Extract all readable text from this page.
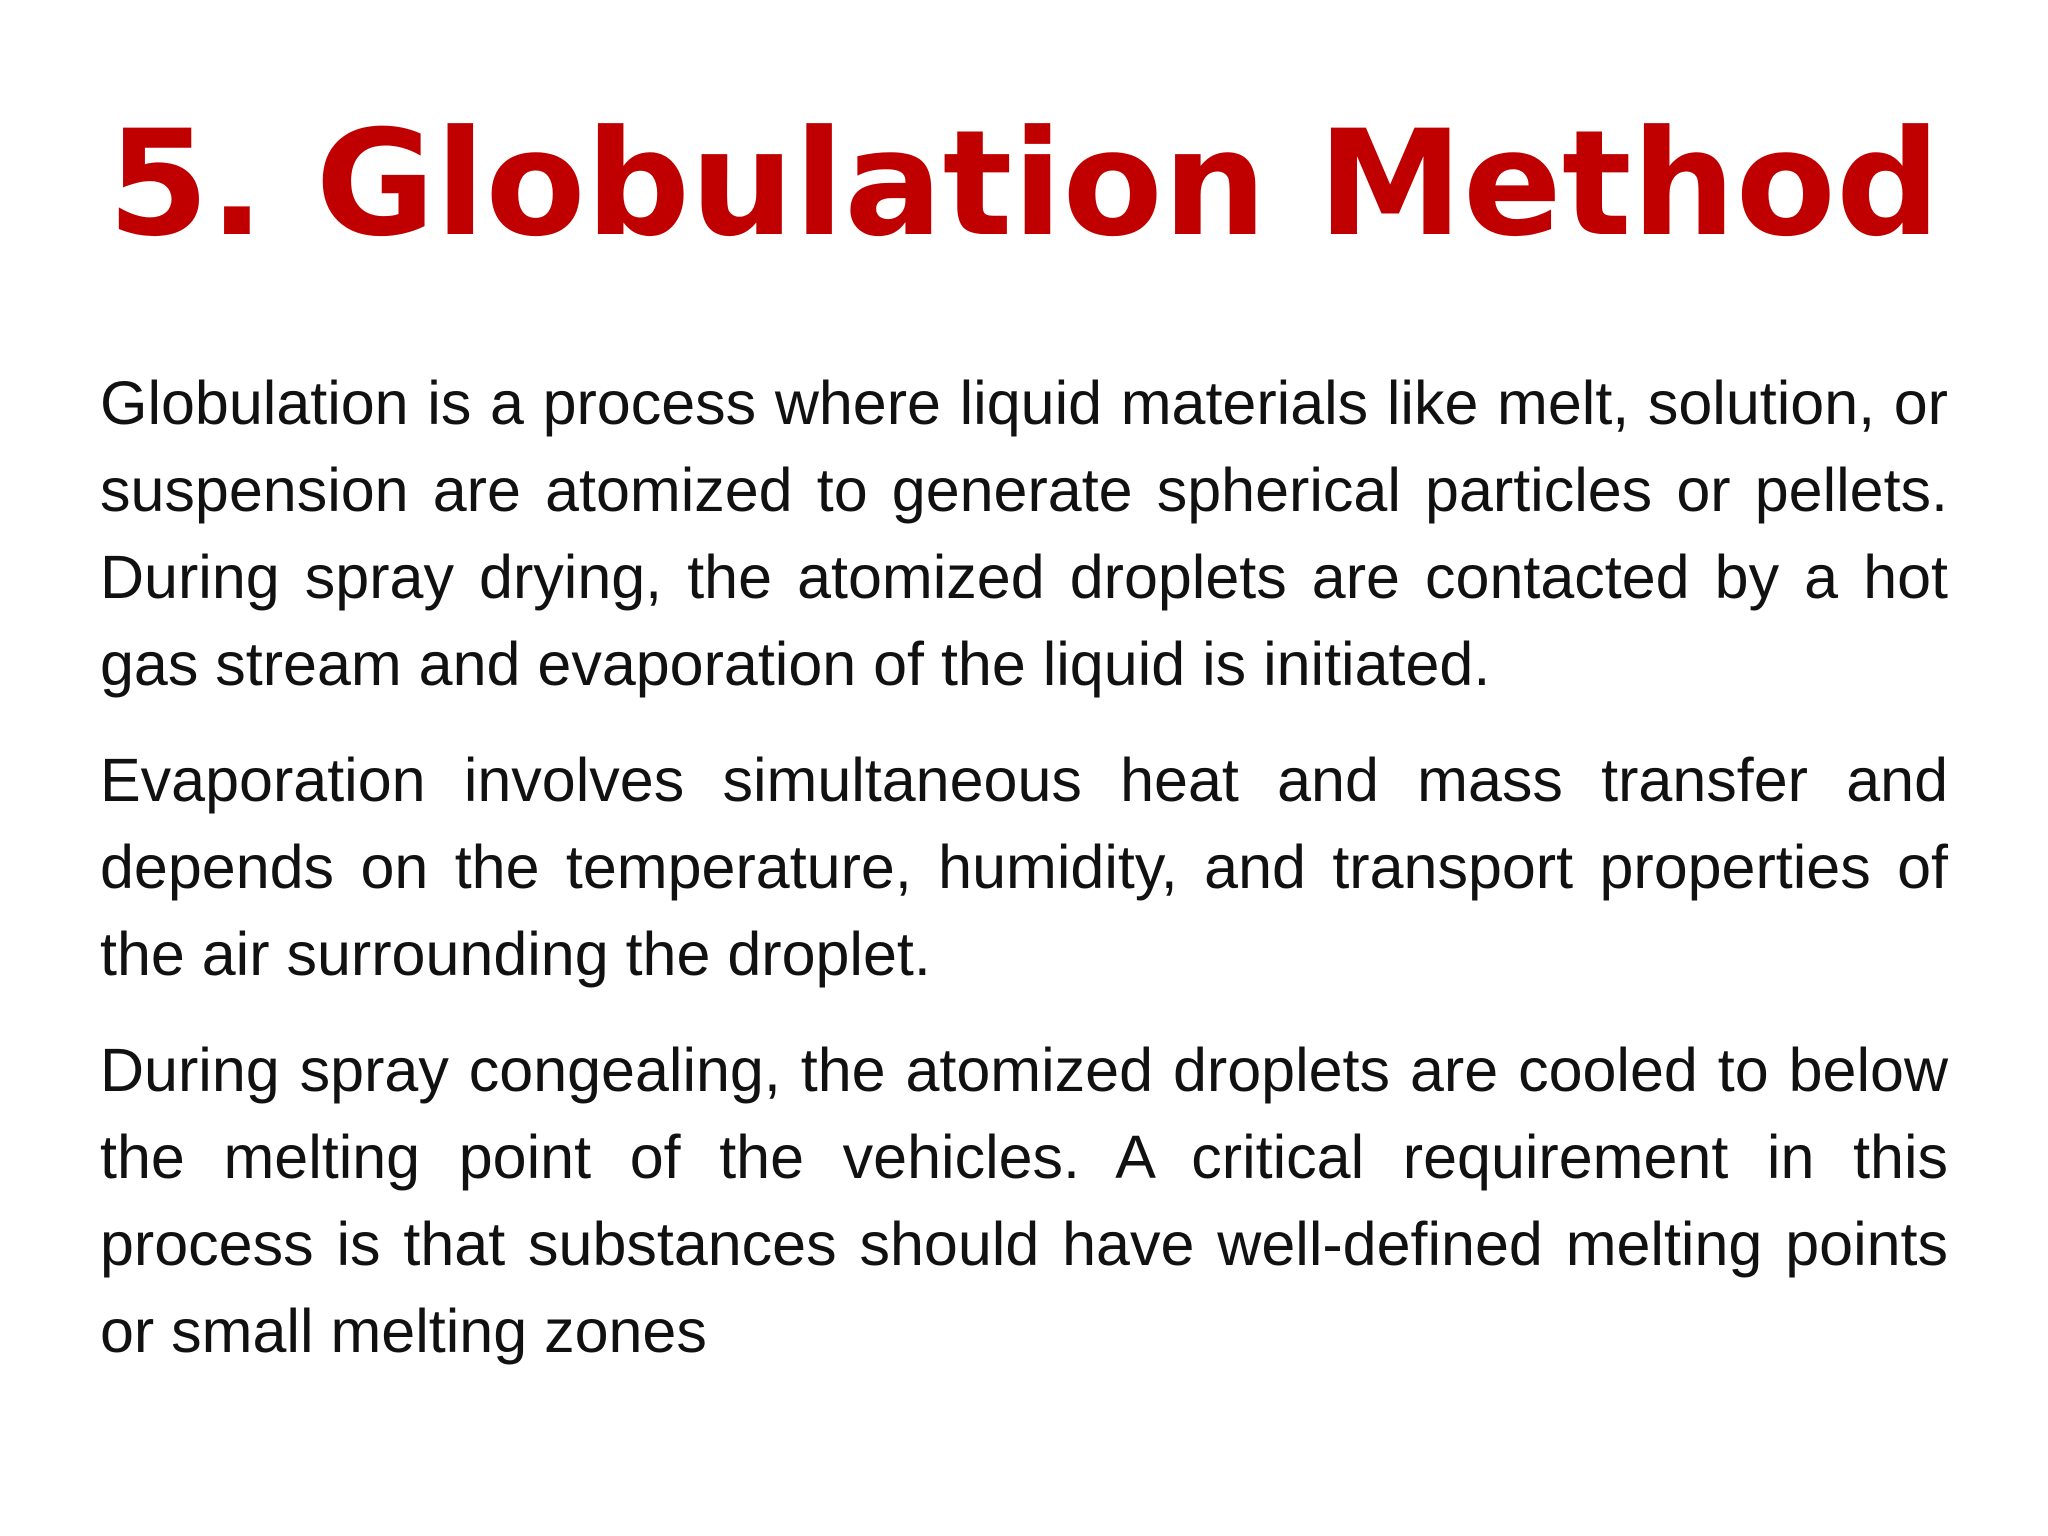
5. Globulation Method

Globulation is a process where liquid materials like melt, solution, or suspension are atomized to generate spherical particles or pellets. During spray drying, the atomized droplets are contacted by a hot gas stream and evaporation of the liquid is initiated.

Evaporation involves simultaneous heat and mass transfer and depends on the temperature, humidity, and transport properties of the air surrounding the droplet.

During spray congealing, the atomized droplets are cooled to below the melting point of the vehicles. A critical requirement in this process is that substances should have well-defined melting points or small melting zones
